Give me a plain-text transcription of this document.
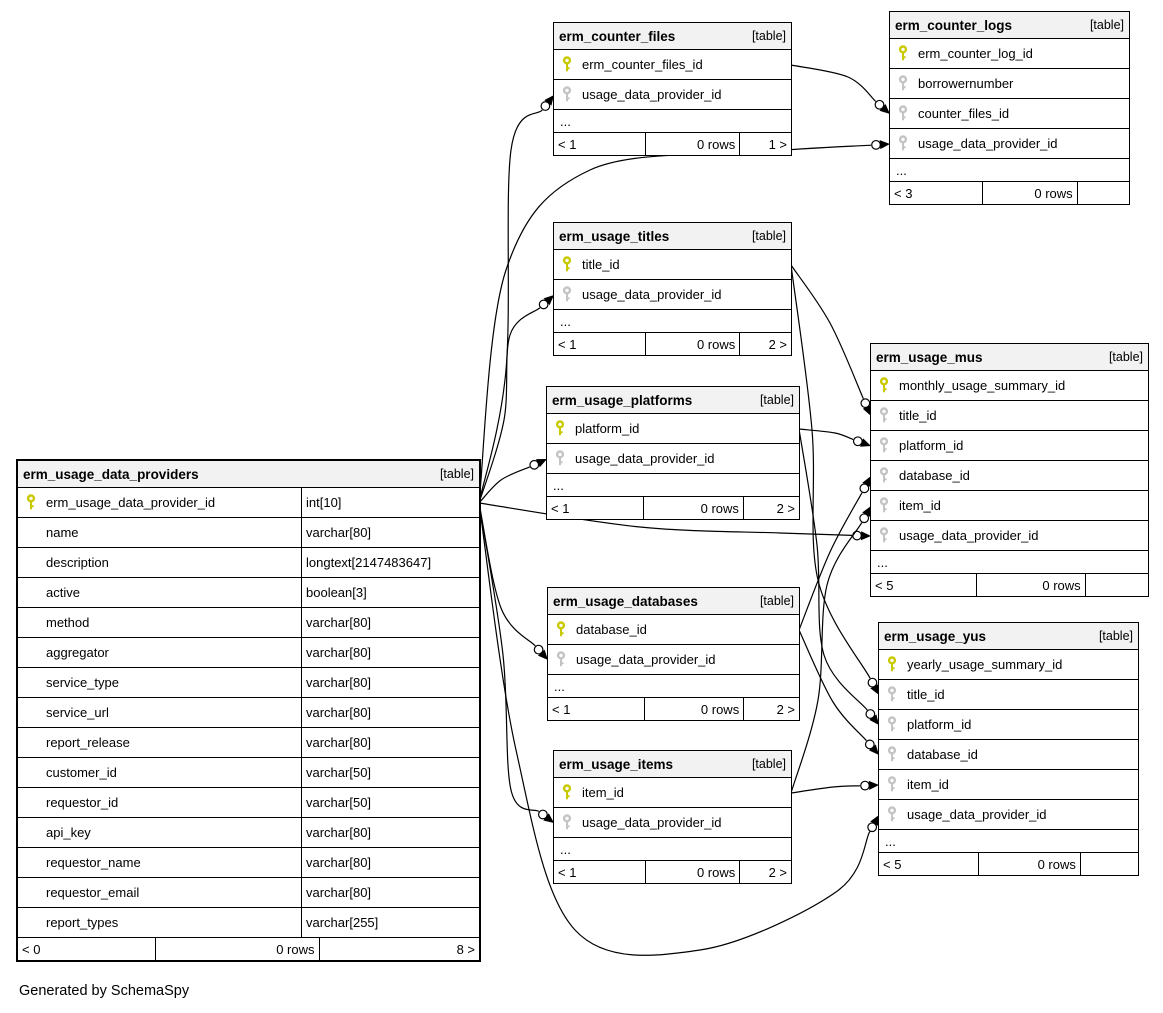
erm_usage_data_providers	[table]
erm_usage_data_provider_id	int[10]
name	varchar[80]
description	longtext[2147483647]
active	boolean[3]
method	varchar[80]
aggregator	varchar[80]
service_type	varchar[80]
service_url	varchar[80]
report_release	varchar[80]
customer_id	varchar[50]
requestor_id	varchar[50]
api_key	varchar[80]
requestor_name	varchar[80]
requestor_email	varchar[80]
report_types	varchar[255]
< 0	0 rows	8 >
erm_counter_files	[table]
erm_counter_files_id
usage_data_provider_id
...
< 1	0 rows	1 >
erm_counter_logs	[table]
erm_counter_log_id
borrowernumber
counter_files_id
usage_data_provider_id
...
< 3	0 rows
erm_usage_titles	[table]
title_id
usage_data_provider_id
...
< 1	0 rows	2 >
erm_usage_platforms	[table]
platform_id
usage_data_provider_id
...
< 1	0 rows	2 >
erm_usage_mus	[table]
monthly_usage_summary_id
title_id
platform_id
database_id
item_id
usage_data_provider_id
...
< 5	0 rows
erm_usage_databases	[table]
database_id
usage_data_provider_id
...
< 1	0 rows	2 >
erm_usage_yus	[table]
yearly_usage_summary_id
title_id
platform_id
database_id
item_id
usage_data_provider_id
...
< 5	0 rows
erm_usage_items	[table]
item_id
usage_data_provider_id
...
< 1	0 rows	2 >
Generated by SchemaSpy
